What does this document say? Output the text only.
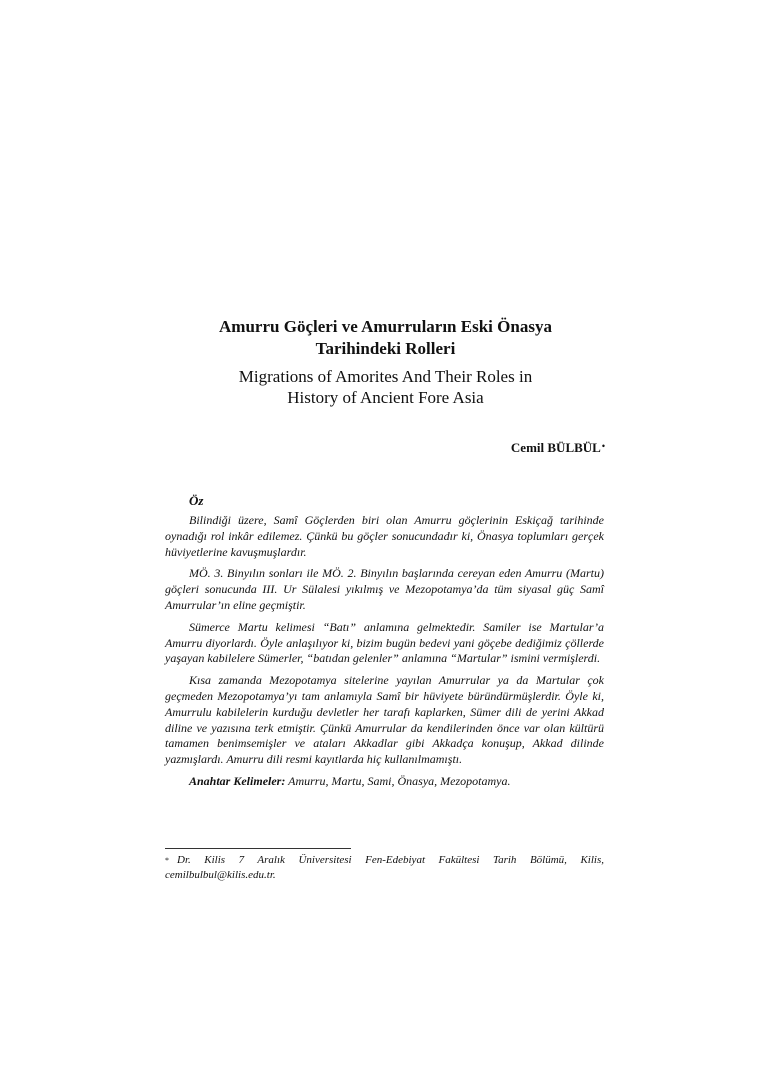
Amurru Göçleri ve Amurruların Eski Önasya
Tarihindeki Rolleri
Migrations of Amorites And Their Roles in
History of Ancient Fore Asia
Cemil BÜLBÜL•
Öz

Bilindiği üzere, Samî Göçlerden biri olan Amurru göçlerinin Eskiçağ tarihinde oynadığı rol inkâr edilemez. Çünkü bu göçler sonucundadır ki, Önasya toplumları gerçek hüviyetlerine kavuşmuşlardır.

MÖ. 3. Binyılın sonları ile MÖ. 2. Binyılın başlarında cereyan eden Amurru (Martu) göçleri sonucunda III. Ur Sülalesi yıkılmış ve Mezopotamya’da tüm siyasal güç Samî Amurrular’ın eline geçmiştir.

Sümerce Martu kelimesi “Batı” anlamına gelmektedir. Samiler ise Martular’a Amurru diyorlardı. Öyle anlaşılıyor ki, bizim bugün bedevi yani göçebe dediğimiz çöllerde yaşayan kabilelere Sümerler, “batıdan gelenler” anlamına “Martular” ismini vermişlerdi.

Kısa zamanda Mezopotamya sitelerine yayılan Amurrular ya da Martular çok geçmeden Mezopotamya’yı tam anlamıyla Samî bir hüviyete büründürmüşlerdir. Öyle ki, Amurrulu kabilelerin kurduğu devletler her tarafı kaplarken, Sümer dili de yerini Akkad diline ve yazısına terk etmiştir. Çünkü Amurrular da kendilerinden önce var olan kültürü tamamen benimsemişler ve ataları Akkadlar gibi Akkadça konuşup, Akkad dilinde yazmışlardı. Amurru dili resmi kayıtlarda hiç kullanılmamıştı.

Anahtar Kelimeler: Amurru, Martu, Sami, Önasya, Mezopotamya.

* Dr. Kilis 7 Aralık Üniversitesi Fen-Edebiyat Fakültesi Tarih Bölümü, Kilis, cemilbulbul@kilis.edu.tr.
